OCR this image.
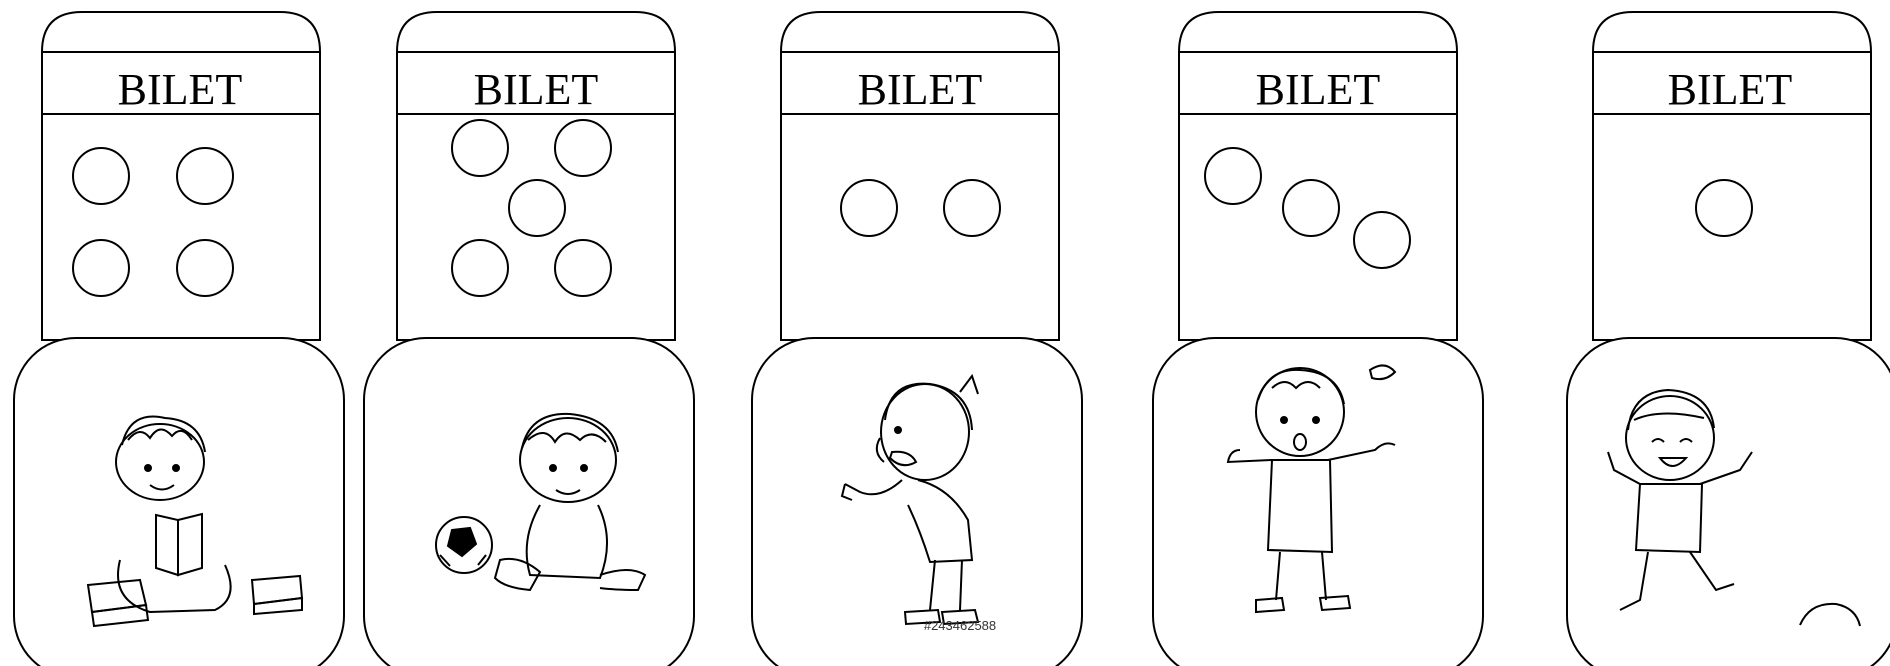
BILET	BILET	BILET
#243462588
BILET	BILET
